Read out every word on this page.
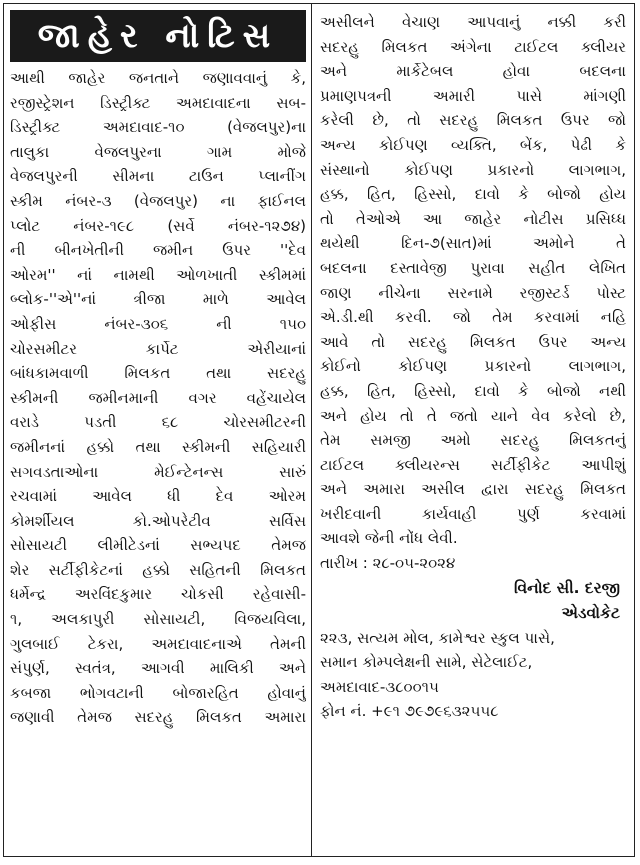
જાહેર નોટિસ
આથી જાહેર જનતાને જણાવવાનું કે,
રજીસ્ટ્રેશન ડિસ્ટ્રીક્ટ અમદાવાદના સબ-
ડિસ્ટ્રીક્ટ અમદાવાદ-૧૦ (વેજલપુર)ના
તાલુકા વેજલપુરના ગામ મોજે
વેજલપુરની સીમના ટાઉન પ્લાનીંગ
સ્કીમ નંબર-૩ (વેજલપુર) ના ફાઈનલ
પ્લોટ નંબર-૧૯૮ (સર્વે નંબર-૧૨૭૪)
ની બીનખેતીની જમીન ઉપર ''દેવ
ઓરમ'' નાં નામથી ઓળખાતી સ્કીમમાં
બ્લોક-''એ''નાં ત્રીજા માળે આવેલ
ઓફીસ નંબર-૩૦૬ ની ૧૫૦
ચોરસમીટર કાર્પેટ એરીયાનાં
બાંધકામવાળી મિલકત તથા સદરહુ
સ્કીમની જમીનમાની વગર વહેંચાયેલ
વરાડે પડતી ૬૮ ચોરસમીટરની
જમીનનાં હક્કો તથા સ્કીમની સહિયારી
સગવડતાઓના મેઈન્ટેનન્સ સારું
રચવામાં આવેલ ધી દેવ ઓરમ
કોમર્શીયલ કો.ઓપરેટીવ સર્વિસ
સોસાયટી લીમીટેડનાં સભ્યપદ તેમજ
શેર સર્ટીફીકેટનાં હક્કો સહિતની મિલકત
ધર્મેન્દ્ર અરવિંદકુમાર ચોકસી રહેવાસી-
૧, અલકાપુરી સોસાયટી, વિજયવિલા,
ગુલબાઈ ટેકરા, અમદાવાદનાએ તેમની
સંપુર્ણ, સ્વતંત્ર, આગવી માલિકી અને
કબજા ભોગવટાની બોજારહિત હોવાનું
જણાવી તેમજ સદરહુ મિલકત અમારા
અસીલને વેચાણ આપવાનું નક્કી કરી
સદરહુ મિલકત અંગેના ટાઈટલ ક્લીયર
અને માર્કેટેબલ હોવા બદલના
પ્રમાણપત્રની અમારી પાસે માંગણી
કરેલી છે, તો સદરહુ મિલકત ઉપર જો
અન્ય કોઈપણ વ્યક્તિ, બેંક, પેઢી કે
સંસ્થાનો કોઈપણ પ્રકારનો લાગભાગ,
હક્ક, હિત, હિસ્સો, દાવો કે બોજો હોય
તો તેઓએ આ જાહેર નોટીસ પ્રસિધ્ધ
થયેથી દિન-૭(સાત)માં અમોને તે
બદલના દસ્તાવેજી પુરાવા સહીત લેખિત
જાણ નીચેના સરનામે રજીસ્ટર્ડ પોસ્ટ
એ.ડી.થી કરવી. જો તેમ કરવામાં નહિ
આવે તો સદરહુ મિલકત ઉપર અન્ય
કોઈનો કોઈપણ પ્રકારનો લાગભાગ,
હક્ક, હિત, હિસ્સો, દાવો કે બોજો નથી
અને હોય તો તે જતો યાને વેવ કરેલો છે,
તેમ સમજી અમો સદરહુ મિલકતનું
ટાઈટલ ક્લીયરન્સ સર્ટીફીકેટ આપીશું
અને અમારા અસીલ દ્વારા સદરહુ મિલકત
ખરીદવાની કાર્યવાહી પુર્ણ કરવામાં
આવશે જેની નોંધ લેવી.
તારીખ : ૨૮-૦૫-૨૦૨૪
વિનોદ સી. દરજી
એડવોકેટ
૨૨૩, સત્યમ મોલ, કામેશ્વર સ્કુલ પાસે,
સમાન કોમ્પલેક્ષની સામે, સેટેલાઈટ,
અમદાવાદ-૩૮૦૦૧૫
ફોન નં. +૯૧ ૭૯૭૯૬૩૨૫૫૮
